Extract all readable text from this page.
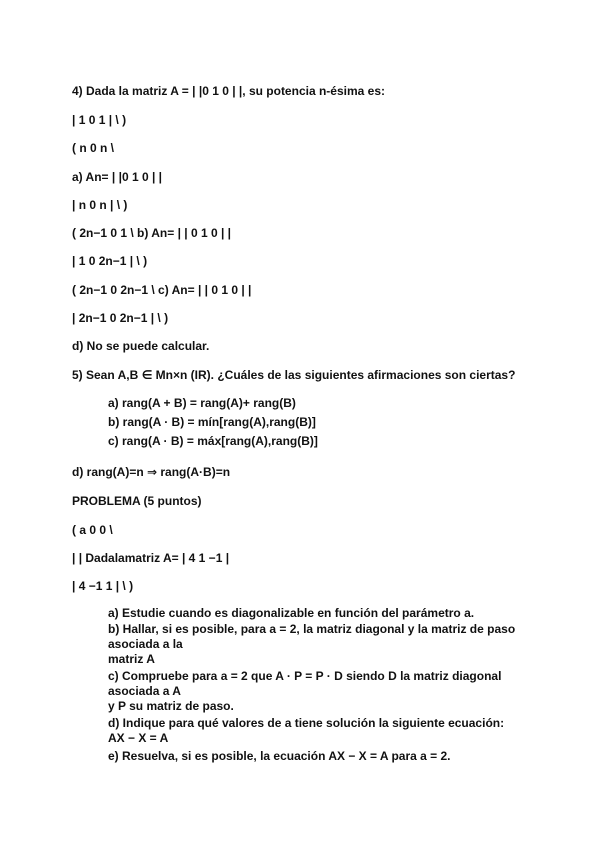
4) Dada la matriz A = | |0 1 0 | |, su potencia n-ésima es:
| 1 0 1 | \ )
( n 0 n \
a) An= | |0 1 0 | |
| n 0 n | \ )
( 2n−1 0 1 \ b) An= | | 0 1 0 | |
| 1 0 2n−1 | \ )
( 2n−1 0 2n−1 \ c) An= | | 0 1 0 | |
| 2n−1 0 2n−1 | \ )
d) No se puede calcular.
5) Sean A,B ∈ Mn×n (IR). ¿Cuáles de las siguientes afirmaciones son ciertas?
a) rang(A + B) = rang(A)+ rang(B)
b) rang(A · B) = mín[rang(A),rang(B)]
c) rang(A · B) = máx[rang(A),rang(B)]
d) rang(A)=n ⇒ rang(A·B)=n
PROBLEMA (5 puntos)
( a 0 0 \
| | Dadalamatriz A= | 4 1 −1 |
| 4 −1 1 | \ )
a) Estudie cuando es diagonalizable en función del parámetro a.
b) Hallar, si es posible, para a = 2, la matriz diagonal y la matriz de paso
asociada a la
matriz A
c) Compruebe para a = 2 que A · P = P · D siendo D la matriz diagonal
asociada a A
y P su matriz de paso.
d) Indique para qué valores de a tiene solución la siguiente ecuación:
AX − X = A
e) Resuelva, si es posible, la ecuación AX − X = A para a = 2.
